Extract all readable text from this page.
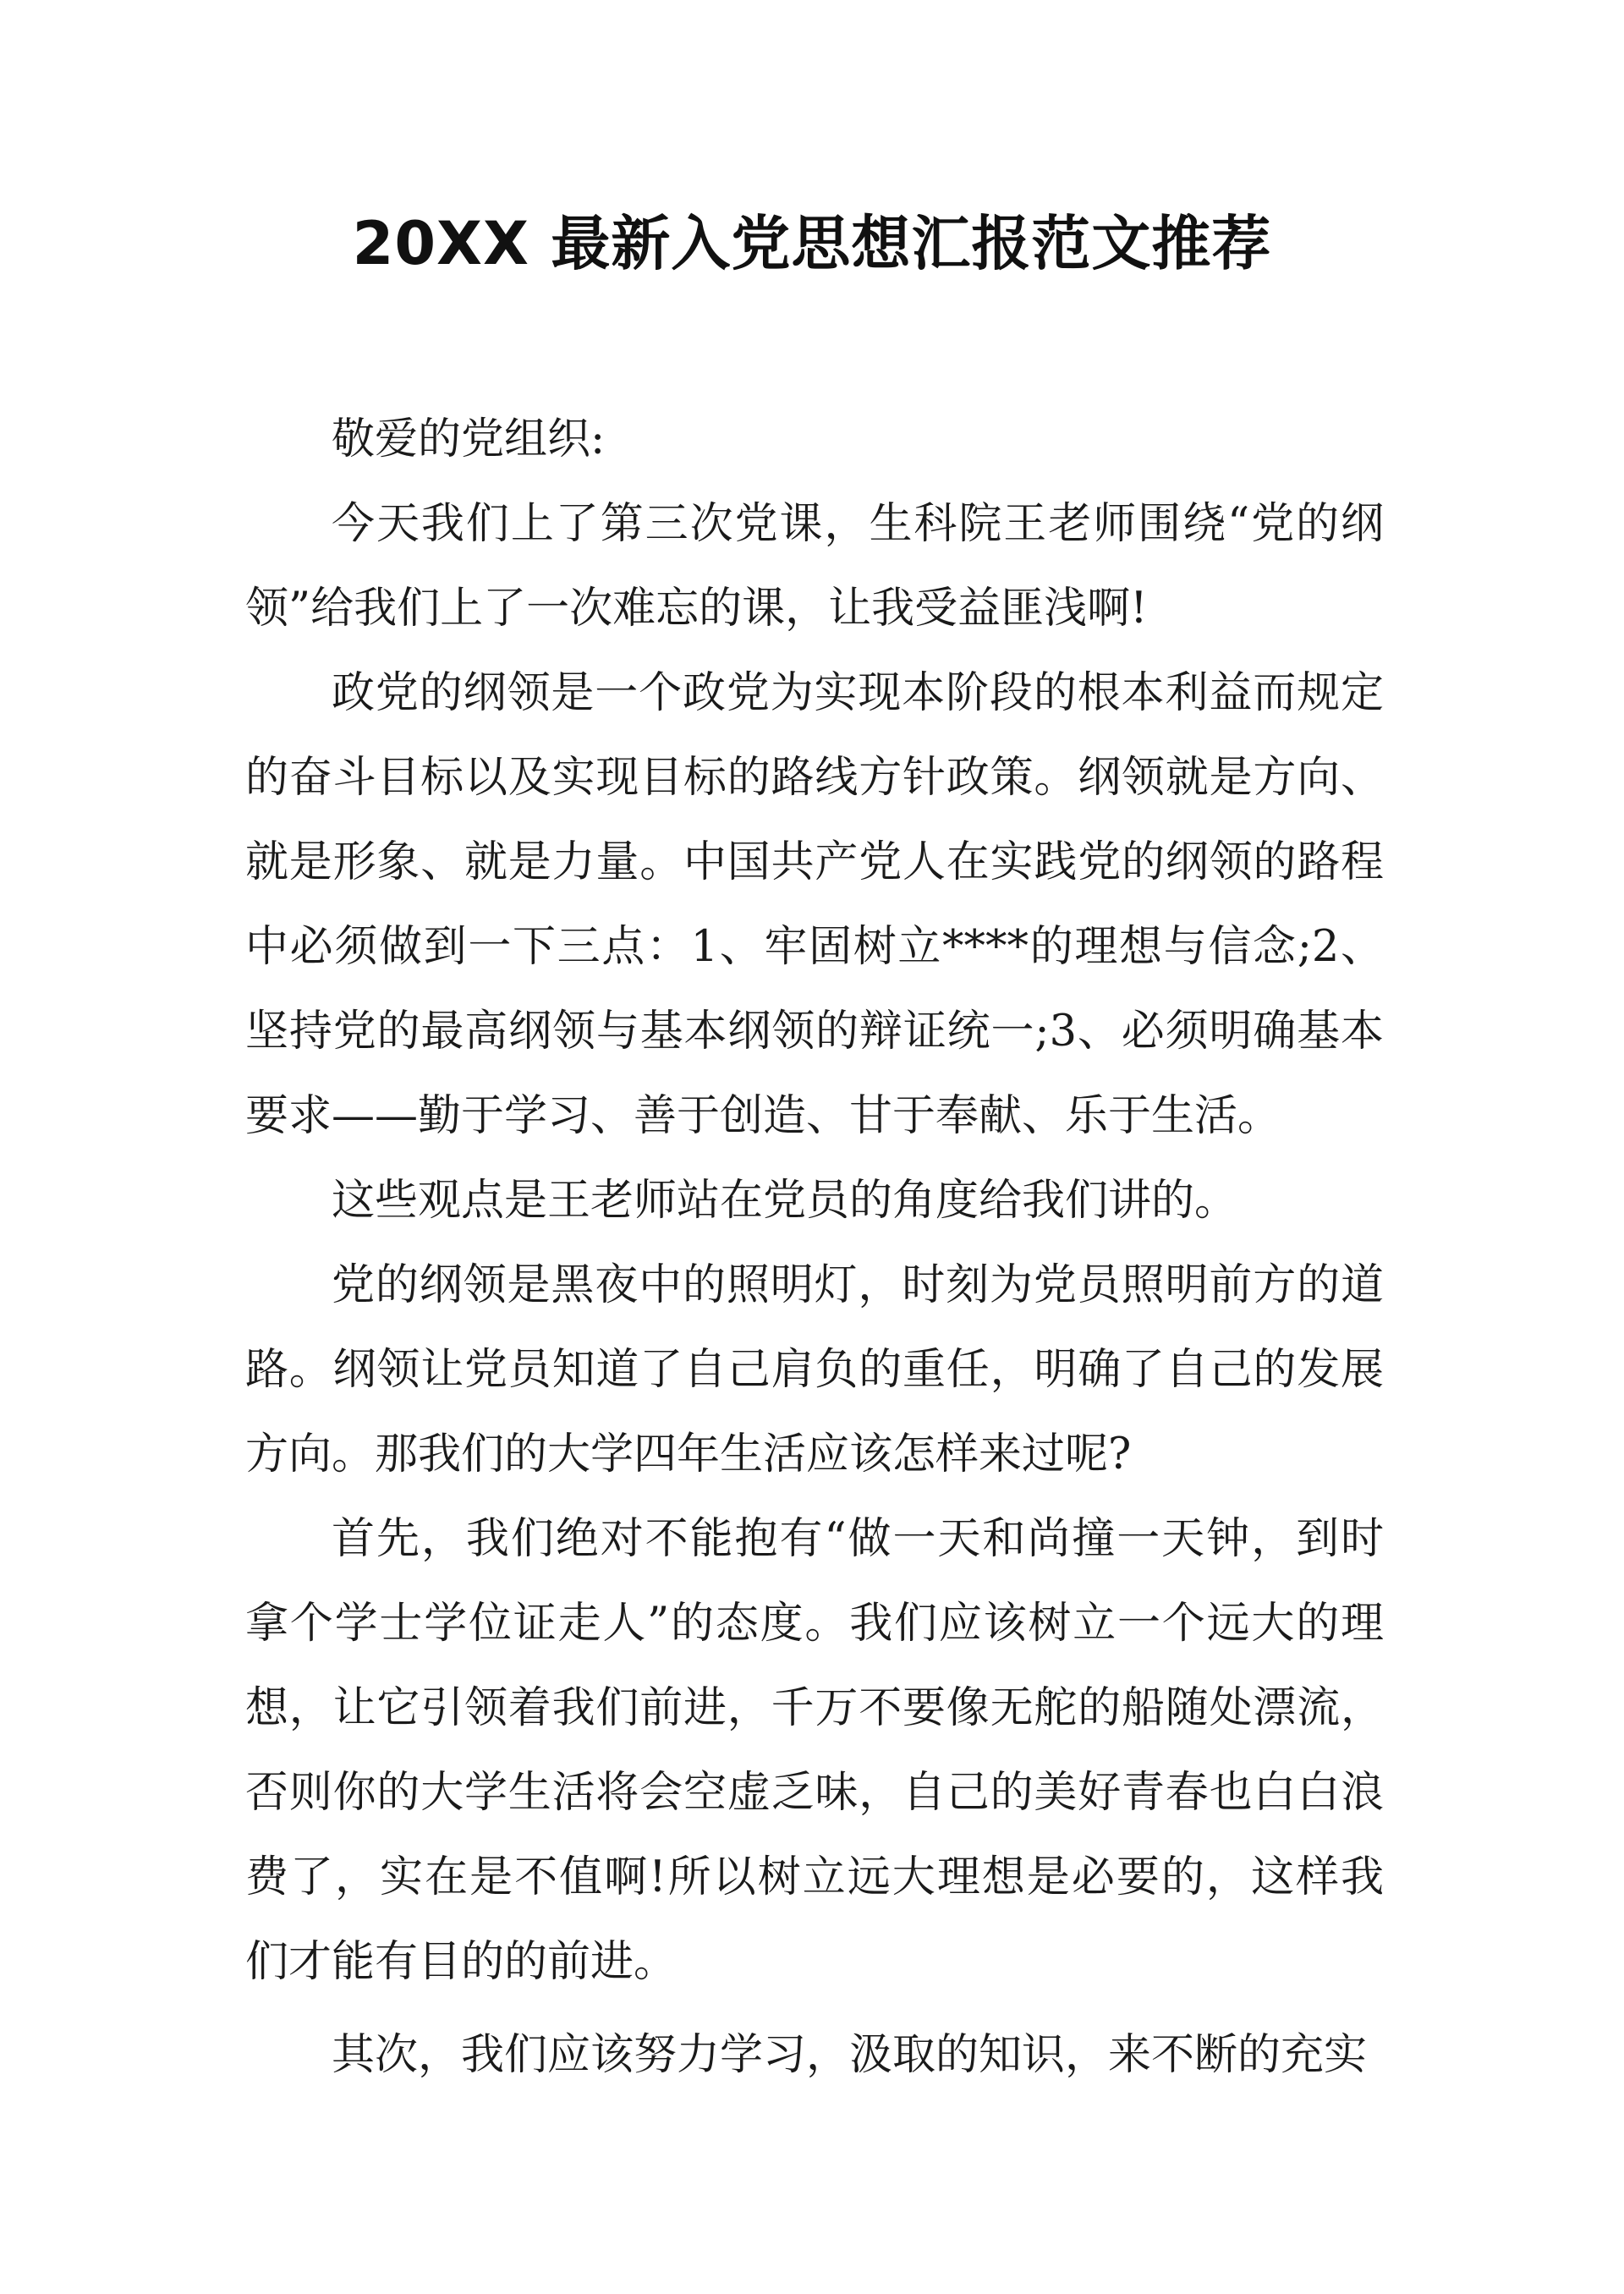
20XX 最新入党思想汇报范文推荐

敬爱的党组织:

今天我们上了第三次党课，生科院王老师围绕“党的纲领”给我们上了一次难忘的课，让我受益匪浅啊!

政党的纲领是一个政党为实现本阶段的根本利益而规定的奋斗目标以及实现目标的路线方针政策。纲领就是方向、就是形象、就是力量。中国共产党人在实践党的纲领的路程中必须做到一下三点：1、牢固树立****的理想与信念;2、坚持党的最高纲领与基本纲领的辩证统一;3、必须明确基本要求——勤于学习、善于创造、甘于奉献、乐于生活。

这些观点是王老师站在党员的角度给我们讲的。

党的纲领是黑夜中的照明灯，时刻为党员照明前方的道路。纲领让党员知道了自己肩负的重任，明确了自己的发展方向。那我们的大学四年生活应该怎样来过呢?

首先，我们绝对不能抱有“做一天和尚撞一天钟，到时拿个学士学位证走人”的态度。我们应该树立一个远大的理想，让它引领着我们前进，千万不要像无舵的船随处漂流，否则你的大学生活将会空虚乏味，自己的美好青春也白白浪费了，实在是不值啊!所以树立远大理想是必要的，这样我们才能有目的的前进。

其次，我们应该努力学习，汲取的知识，来不断的充实
